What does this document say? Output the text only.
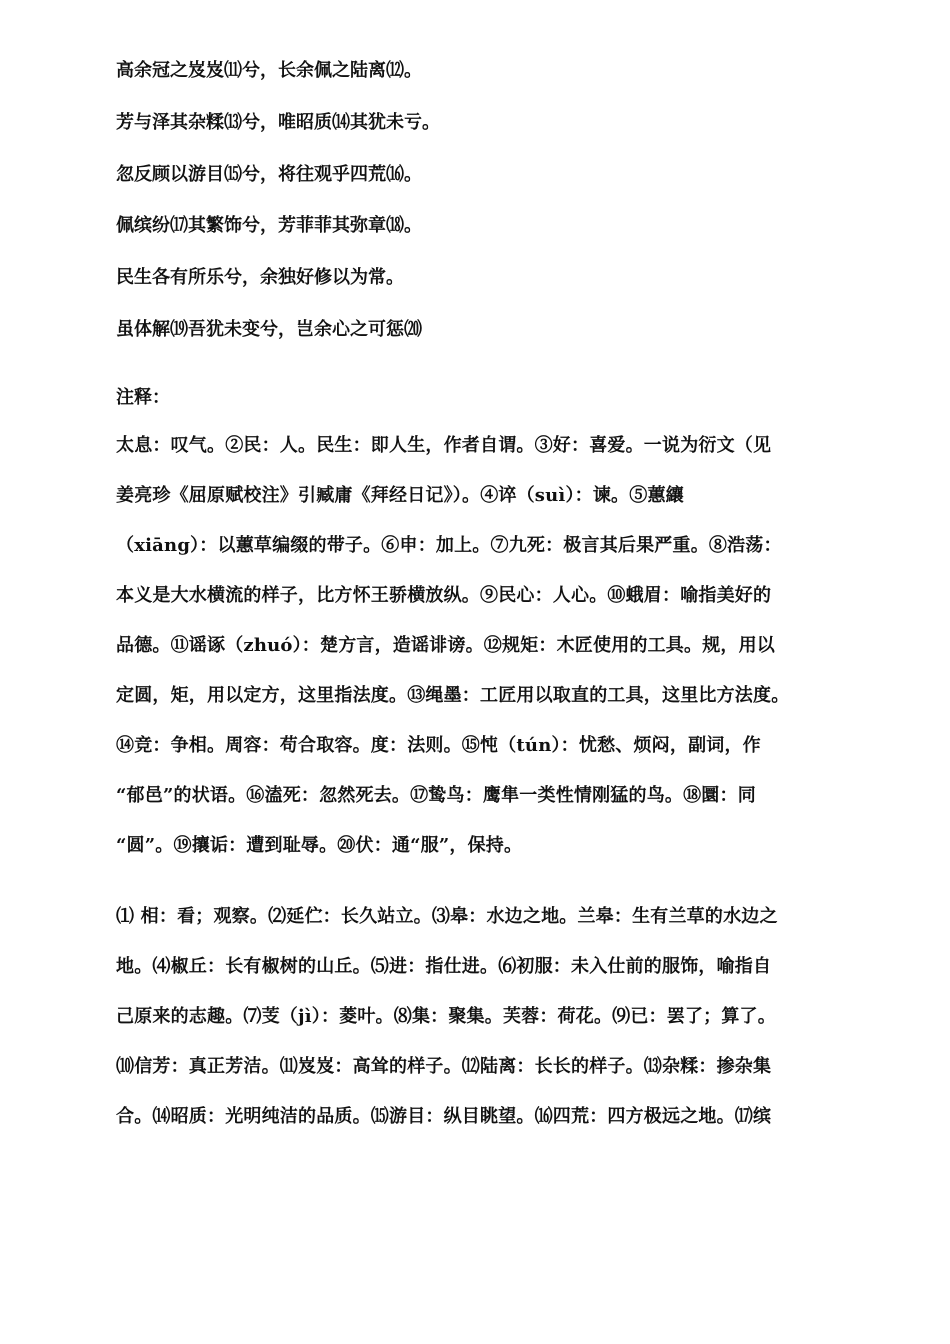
高余冠之岌岌⑾兮，长余佩之陆离⑿。
芳与泽其杂糅⒀兮，唯昭质⒁其犹未亏。
忽反顾以游目⒂兮，将往观乎四荒⒃。
佩缤纷⒄其繁饰兮，芳菲菲其弥章⒅。
民生各有所乐兮，余独好修以为常。
虽体解⒆吾犹未变兮，岂余心之可惩⒇
注释：
太息：叹气。②民：人。民生：即人生，作者自谓。③好：喜爱。一说为衍文（见
姜亮珍《屈原赋校注》引臧庸《拜经日记》）。④谇（suì）：谏。⑤蕙纕
（xiāng）：以蕙草编缀的带子。⑥申：加上。⑦九死：极言其后果严重。⑧浩荡：
本义是大水横流的样子，比方怀王骄横放纵。⑨民心：人心。⑩蛾眉：喻指美好的
品德。⑪谣诼（zhuó）：楚方言，造谣诽谤。⑫规矩：木匠使用的工具。规，用以
定圆，矩，用以定方，这里指法度。⑬绳墨：工匠用以取直的工具，这里比方法度。
⑭竞：争相。周容：苟合取容。度：法则。⑮忳（tún）：忧愁、烦闷，副词，作
“郁邑”的状语。⑯溘死：忽然死去。⑰鸷鸟：鹰隼一类性情刚猛的鸟。⑱圜：同
“圆”。⑲攘诟：遭到耻辱。⑳伏：通“服”，保持。
⑴ 相：看；观察。⑵延伫：长久站立。⑶皋：水边之地。兰皋：生有兰草的水边之
地。⑷椒丘：长有椒树的山丘。⑸进：指仕进。⑹初服：未入仕前的服饰，喻指自
己原来的志趣。⑺芰（jì）：菱叶。⑻集：聚集。芙蓉：荷花。⑼已：罢了；算了。
⑽信芳：真正芳洁。⑾岌岌：高耸的样子。⑿陆离：长长的样子。⒀杂糅：掺杂集
合。⒁昭质：光明纯洁的品质。⒂游目：纵目眺望。⒃四荒：四方极远之地。⒄缤
